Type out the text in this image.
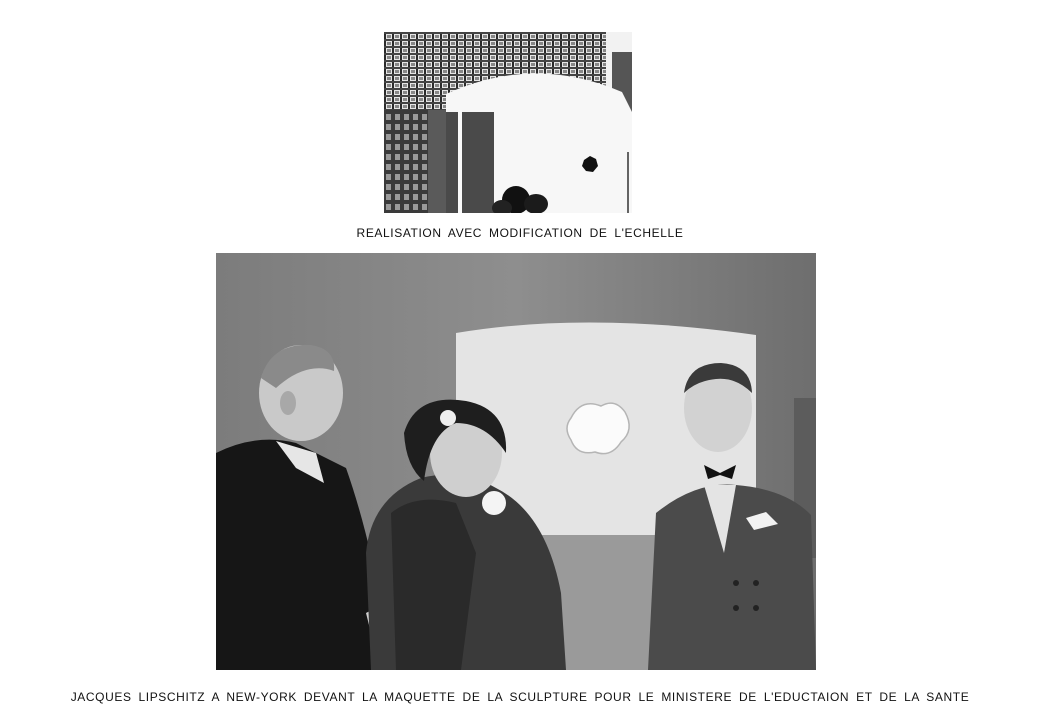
REALISATION AVEC MODIFICATION DE L'ECHELLE
JACQUES LIPSCHITZ A NEW-YORK DEVANT LA MAQUETTE DE LA SCULPTURE POUR LE MINISTERE DE L'EDUCTAION ET DE LA SANTE
